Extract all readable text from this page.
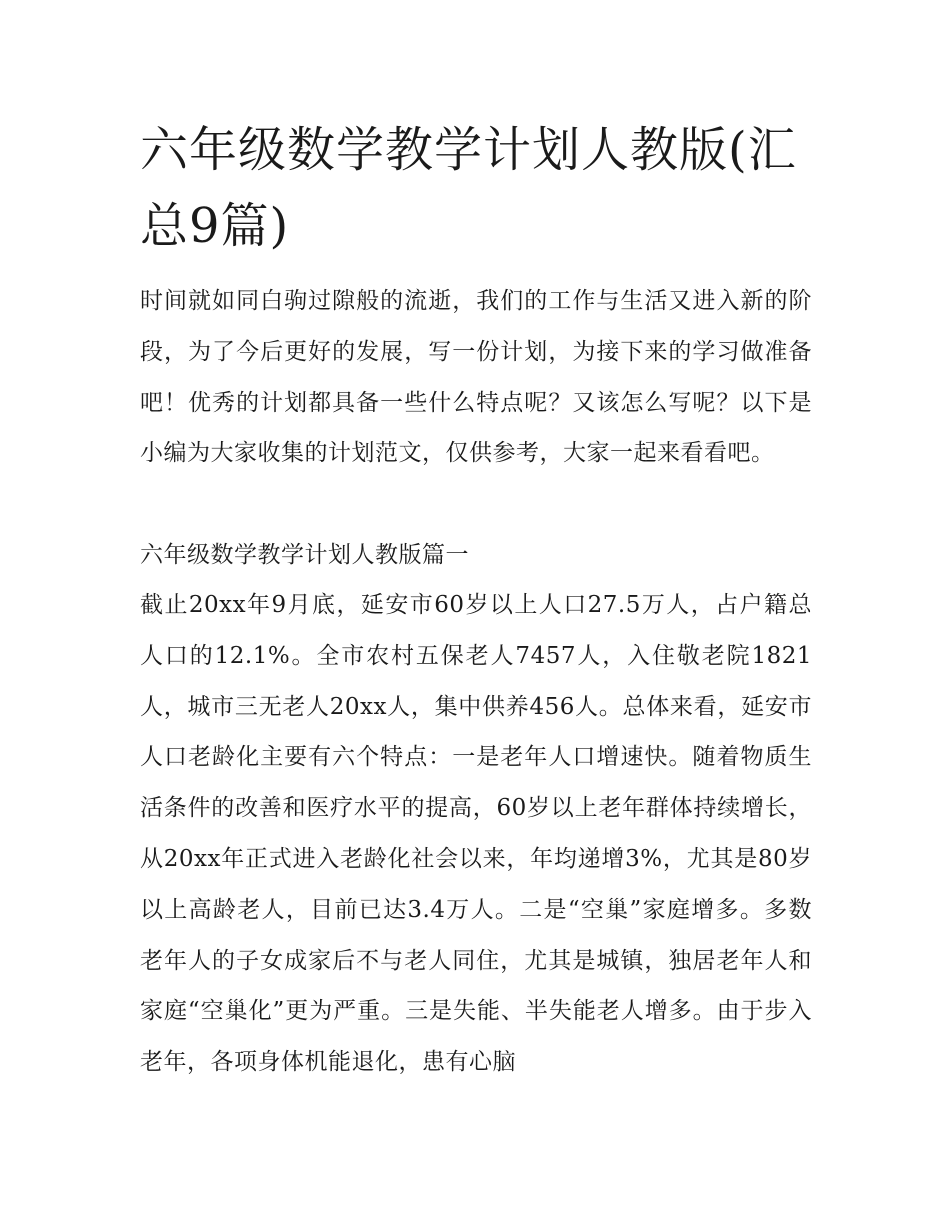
六年级数学教学计划人教版(汇总9篇)

时间就如同白驹过隙般的流逝，我们的工作与生活又进入新的阶段，为了今后更好的发展，写一份计划，为接下来的学习做准备吧！优秀的计划都具备一些什么特点呢？又该怎么写呢？以下是小编为大家收集的计划范文，仅供参考，大家一起来看看吧。

六年级数学教学计划人教版篇一

截止20xx年9月底，延安市60岁以上人口27.5万人，占户籍总人口的12.1%。全市农村五保老人7457人，入住敬老院1821人，城市三无老人20xx人，集中供养456人。总体来看，延安市人口老龄化主要有六个特点：一是老年人口增速快。随着物质生活条件的改善和医疗水平的提高，60岁以上老年群体持续增长，从20xx年正式进入老龄化社会以来，年均递增3%，尤其是80岁以上高龄老人，目前已达3.4万人。二是“空巢”家庭增多。多数老年人的子女成家后不与老人同住，尤其是城镇，独居老年人和家庭“空巢化”更为严重。三是失能、半失能老人增多。由于步入老年，各项身体机能退化，患有心脑
